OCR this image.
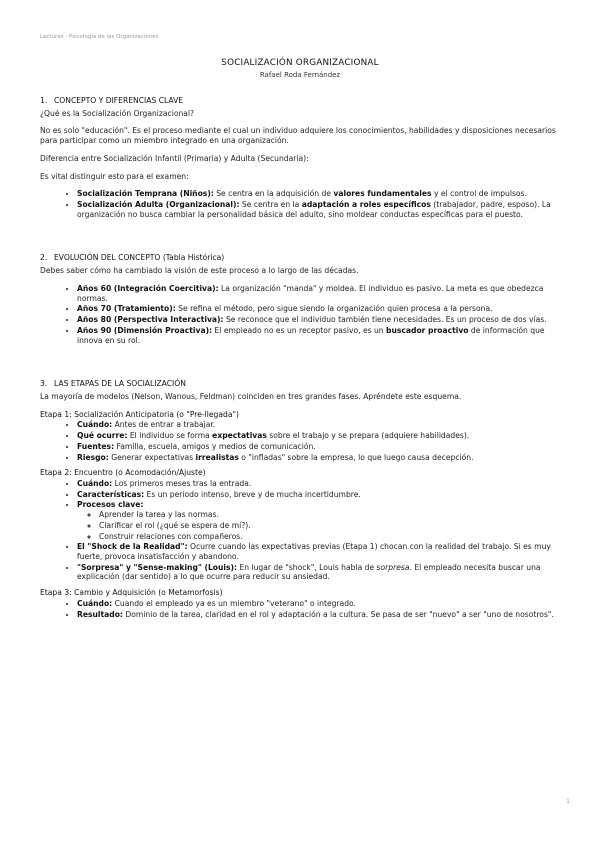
Lecturas - Psicología de las Organizaciones
SOCIALIZACIÓN ORGANIZACIONAL
Rafael Roda Fernández
1. CONCEPTO Y DIFERENCIAS CLAVE

¿Qué es la Socialización Organizacional?

No es solo "educación". Es el proceso mediante el cual un individuo adquiere los conocimientos, habilidades y disposiciones necesarios para participar como un miembro integrado en una organización.

Diferencia entre Socialización Infantil (Primaria) y Adulta (Secundaria):

Es vital distinguir esto para el examen:

• Socialización Temprana (Niños): Se centra en la adquisición de valores fundamentales y el control de impulsos.
• Socialización Adulta (Organizacional): Se centra en la adaptación a roles específicos (trabajador, padre, esposo). La organización no busca cambiar la personalidad básica del adulto, sino moldear conductas específicas para el puesto.
2. EVOLUCIÓN DEL CONCEPTO (Tabla Histórica)

Debes saber cómo ha cambiado la visión de este proceso a lo largo de las décadas.

• Años 60 (Integración Coercitiva): La organización "manda" y moldea. El individuo es pasivo. La meta es que obedezca normas.
• Años 70 (Tratamiento): Se refina el método, pero sigue siendo la organización quien procesa a la persona.
• Años 80 (Perspectiva Interactiva): Se reconoce que el individuo también tiene necesidades. Es un proceso de dos vías.
• Años 90 (Dimensión Proactiva): El empleado no es un receptor pasivo, es un buscador proactivo de información que innova en su rol.
3. LAS ETAPAS DE LA SOCIALIZACIÓN

La mayoría de modelos (Nelson, Wanous, Feldman) coinciden en tres grandes fases. Apréndete este esquema.

Etapa 1: Socialización Anticipatoria (o "Pre-llegada")
• Cuándo: Antes de entrar a trabajar.
• Qué ocurre: El individuo se forma expectativas sobre el trabajo y se prepara (adquiere habilidades).
• Fuentes: Familia, escuela, amigos y medios de comunicación.
• Riesgo: Generar expectativas irrealistas o "infladas" sobre la empresa, lo que luego causa decepción.
Etapa 2: Encuentro (o Acomodación/Ajuste)
• Cuándo: Los primeros meses tras la entrada.
• Características: Es un periodo intenso, breve y de mucha incertidumbre.
• Procesos clave:
◦ Aprender la tarea y las normas.
◦ Clarificar el rol (¿qué se espera de mí?).
◦ Construir relaciones con compañeros.
• El "Shock de la Realidad": Ocurre cuando las expectativas previas (Etapa 1) chocan con la realidad del trabajo. Si es muy fuerte, provoca insatisfacción y abandono.
• "Sorpresa" y "Sense-making" (Louis): En lugar de "shock", Louis habla de sorpresa. El empleado necesita buscar una explicación (dar sentido) a lo que ocurre para reducir su ansiedad.
Etapa 3: Cambio y Adquisición (o Metamorfosis)
• Cuándo: Cuando el empleado ya es un miembro "veterano" o integrado.
• Resultado: Dominio de la tarea, claridad en el rol y adaptación a la cultura. Se pasa de ser "nuevo" a ser "uno de nosotros".
1
